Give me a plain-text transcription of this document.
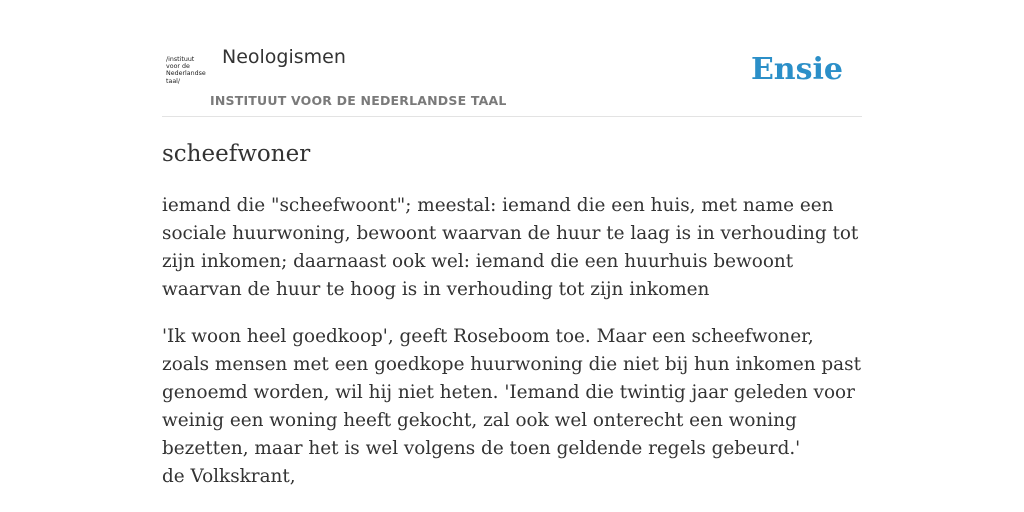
/instituut
voor de
Nederlandse
taal/
Neologismen
INSTITUUT VOOR DE NEDERLANDSE TAAL
Ensie
scheefwoner

iemand die "scheefwoont"; meestal: iemand die een huis, met name een sociale huurwoning, bewoont waarvan de huur te laag is in verhouding tot zijn inkomen; daarnaast ook wel: iemand die een huurhuis bewoont waarvan de huur te hoog is in verhouding tot zijn inkomen

'Ik woon heel goedkoop', geeft Roseboom toe. Maar een scheefwoner, zoals mensen met een goedkope huurwoning die niet bij hun inkomen past genoemd worden, wil hij niet heten. 'Iemand die twintig jaar geleden voor weinig een woning heeft gekocht, zal ook wel onterecht een woning bezetten, maar het is wel volgens de toen geldende regels gebeurd.'
de Volkskrant,
